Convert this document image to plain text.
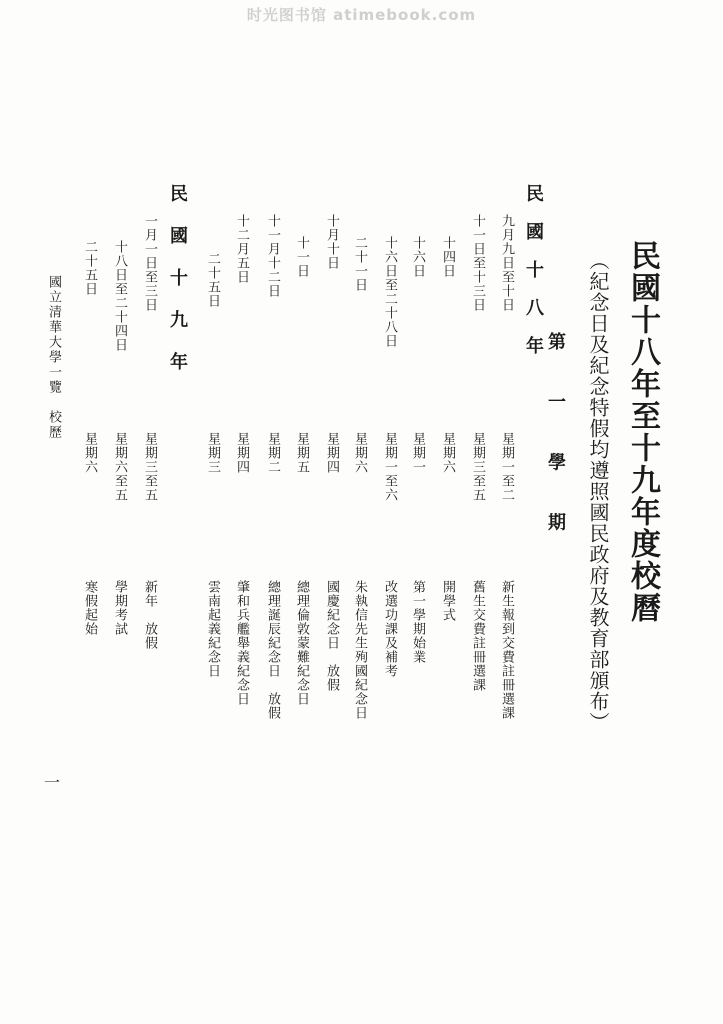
时光图书馆 atimebook.com
民國十八年至十九年度校曆
（紀念日及紀念特假均遵照國民政府及教育部頒布）
第 一 學 期
民國十八年
民國十九年	九月九日至十日
星期一至二
新生報到交費註冊選課
十一日至十三日
星期三至五
舊生交費註冊選課
十四日
星期六
開學式
十六日
星期一
第一學期始業
十六日至二十八日
星期一至六
改選功課及補考
二十一日
星期六
朱執信先生殉國紀念日
十月十日
星期四
國慶紀念日　放假
十一日
星期五
總理倫敦蒙難紀念日
十一月十二日
星期二
總理誕辰紀念日　放假
十二月五日
星期四
肇和兵艦舉義紀念日
二十五日
星期三
雲南起義紀念日
一月一日至三日
星期三至五
新年　放假
十八日至二十四日
星期六至五
學期考試
二十五日
星期六
寒假起始
國立清華大學一覽　校歷
一
